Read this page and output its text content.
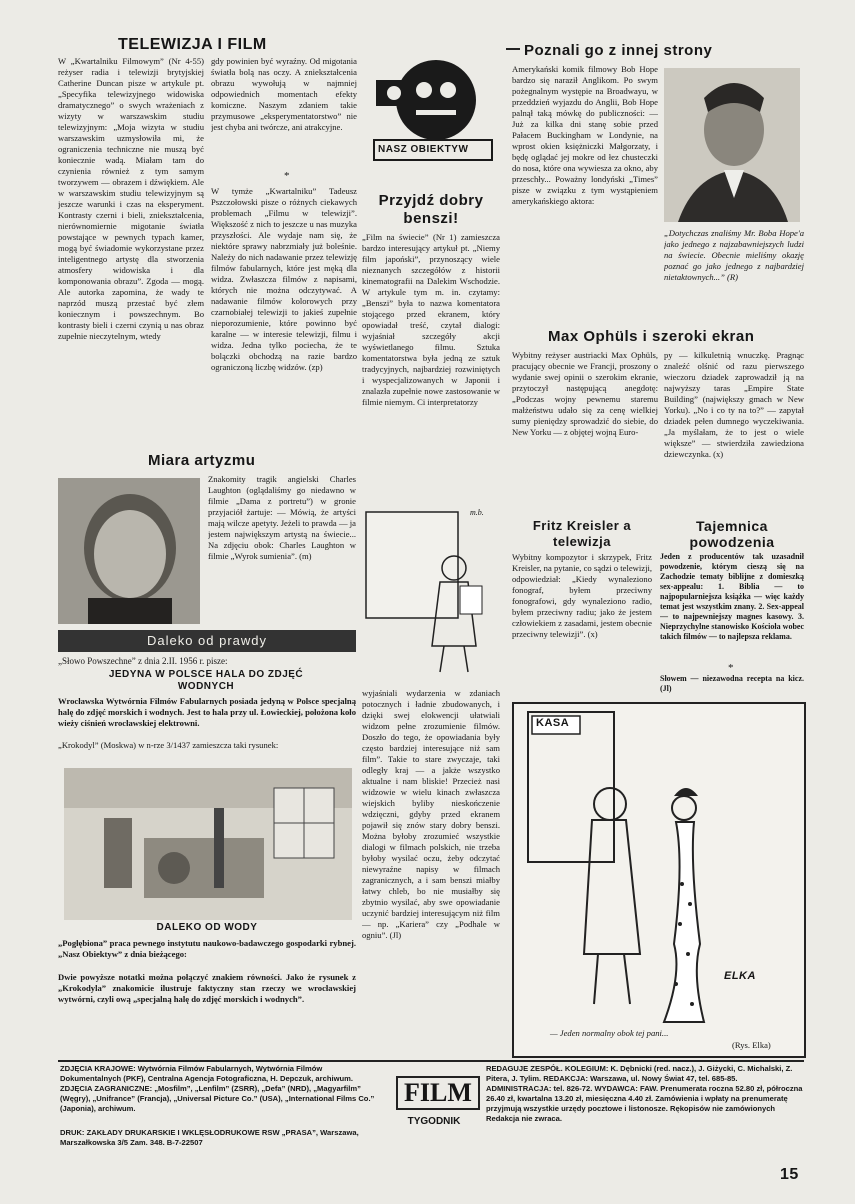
TELEWIZJA I FILM
W „Kwartalniku Filmowym” (Nr 4-55) reżyser radia i telewizji brytyjskiej Catherine Duncan pisze w artykule pt. „Specyfika telewizyjnego widowiska dramatycznego” o swych wrażeniach z wizyty w warszawskim studiu telewizyjnym: „Moja wizyta w studiu warszawskim uzmysłowiła mi, że ograniczenia techniczne nie muszą być koniecznie wadą. Miałam tam do czynienia również z tym samym tworzywem — obrazem i dźwiękiem. Ale w warszawskim studiu telewizyjnym są jeszcze warunki i czas na eksperyment. Kontrasty czerni i bieli, zniekształcenia, nierównomiernie migotanie światła powstające w pewnych typach kamer, mogą być świadomie wykorzystane przez inteligentnego artystę dla stworzenia atmosfery widowiska i dla komponowania obrazu”. Zgoda — mogą. Ale autorka zapomina, że wady te naprzód muszą przestać być złem koniecznym i powszechnym. Bo kontrasty bieli i czerni czynią u nas obraz zupełnie nieczytelnym, wtedy
gdy powinien być wyraźny. Od migotania światła bolą nas oczy. A zniekształcenia obrazu wywołują w najmniej odpowiednich momentach efekty komiczne. Naszym zdaniem takie przymusowe „eksperymentatorstwo” nie jest chyba ani twórcze, ani atrakcyjne.
*
W tymże „Kwartalniku” Tadeusz Pszczołowski pisze o różnych ciekawych problemach „Filmu w telewizji”. Większość z nich to jeszcze u nas muzyka przyszłości. Ale wydaje nam się, że niektóre sprawy nabrzmiały już boleśnie. Należy do nich nadawanie przez telewizję filmów fabularnych, które jest męką dla widza. Zwłaszcza filmów z napisami, których nie można odczytywać. A nadawanie filmów kolorowych przy czarnobiałej telewizji to jakieś zupełnie nieporozumienie, które powinno być karalne — w interesie telewizji, filmu i widza. Jedna tylko pociecha, że te bolączki obchodzą na razie bardzo ograniczoną liczbę widzów. (zp)
NASZ OBIEKTYW
Przyjdź dobry benszi!
„Film na świecie” (Nr 1) zamieszcza bardzo interesujący artykuł pt. „Niemy film japoński”, przynoszący wiele nieznanych szczegółów z historii kinematografii na Dalekim Wschodzie. W artykule tym m. in. czytamy: „Benszi” była to nazwa komentatora stojącego przed ekranem, który opowiadał treść, czytał dialogi: wyjaśniał szczegóły akcji wyświetlanego filmu. Sztuka komentatorstwa była jedną ze sztuk tradycyjnych, najbardziej rozwiniętych i wyspecjalizowanych w Japonii i znalazła zupełnie nowe zastosowanie w filmie niemym. Ci interpretatorzy
m.b.
wyjaśniali wydarzenia w zdaniach potocznych i ładnie zbudowanych, i dzięki swej elokwencji ułatwiali widzom pełne zrozumienie filmów. Doszło do tego, że opowiadania były często bardziej interesujące niż sam film”. Takie to stare zwyczaje, taki odległy kraj — a jakże wszystko aktualne i nam bliskie! Przecież nasi widzowie w wielu kinach zwłaszcza wiejskich byliby nieskończenie wdzięczni, gdyby przed ekranem pojawił się znów stary dobry benszi. Można byłoby zrozumieć wszystkie dialogi w filmach polskich, nie trzeba byłoby wysilać oczu, żeby odczytać niewyraźne napisy w filmach zagranicznych, a i sam benszi miałby łatwy chleb, bo nie musiałby się zbytnio wysilać, aby swe opowiadanie uczynić bardziej interesującym niż film — np. „Kariera” czy „Podhale w ogniu”. (Jl)
Poznali go z innej strony
Amerykański komik filmowy Bob Hope bardzo się naraził Anglikom. Po swym pożegnalnym występie na Broadwayu, w przeddzień wyjazdu do Anglii, Bob Hope palnął taką mówkę do publiczności: — Już za kilka dni stanę sobie przed Pałacem Buckingham w Londynie, na wprost okien księżniczki Małgorzaty, i będę oglądać jej mokre od łez chusteczki do nosa, które ona wywiesza za okno, aby przeschły... Poważny londyński „Times” pisze w związku z tym wystąpieniem amerykańskiego aktora:
„Dotychczas znaliśmy Mr. Boba Hope'a jako jednego z najzabawniejszych ludzi na świecie. Obecnie mieliśmy okazję poznać go jako jednego z najbardziej nietaktownych...” (R)
Max Ophüls i szeroki ekran
Wybitny reżyser austriacki Max Ophüls, pracujący obecnie we Francji, proszony o wydanie swej opinii o szerokim ekranie, przytoczył następującą anegdotę: „Podczas wojny pewnemu staremu małżeństwu udało się za cenę wielkiej sumy pieniędzy sprowadzić do siebie, do New Yorku — z objętej wojną Euro-
py — kilkuletnią wnuczkę. Pragnąc znaleźć olśnić od razu pierwszego wieczoru dziadek zaprowadził ją na najwyższy taras „Empire State Building” (największy gmach w New Yorku). „No i co ty na to?” — zapytał dziadek pełen dumnego wyczekiwania. „Ja myślałam, że to jest o wiele większe” — stwierdziła zawiedziona dziewczynka. (x)
Miara artyzmu
Znakomity tragik angielski Charles Laughton (oglądaliśmy go niedawno w filmie „Dama z portretu”) w gronie przyjaciół żartuje: — Mówią, że artyści mają wilcze apetyty. Jeżeli to prawda — ja jestem największym artystą na świecie... Na zdjęciu obok: Charles Laughton w filmie „Wyrok sumienia”. (m)
Daleko od prawdy
„Słowo Powszechne” z dnia 2.II. 1956 r. pisze:
JEDYNA W POLSCE HALA DO ZDJĘĆ WODNYCH
Wrocławska Wytwórnia Filmów Fabularnych posiada jedyną w Polsce specjalną halę do zdjęć morskich i wodnych. Jest to hala przy ul. Łowieckiej, położona koło wieży ciśnień wrocławskiej elektrowni.
„Krokodyl” (Moskwa) w n-rze 3/1437 zamieszcza taki rysunek:
DALEKO OD WODY
„Pogłębiona” praca pewnego instytutu naukowo-badawczego gospodarki rybnej. „Nasz Obiektyw” z dnia bieżącego:
Dwie powyższe notatki można połączyć znakiem równości. Jako że rysunek z „Krokodyla” znakomicie ilustruje faktyczny stan rzeczy we wrocławskiej wytwórni, czyli ową „specjalną halę do zdjęć morskich i wodnych”.
Fritz Kreisler a telewizja
Wybitny kompozytor i skrzypek, Fritz Kreisler, na pytanie, co sądzi o telewizji, odpowiedział: „Kiedy wynaleziono fonograf, byłem przeciwny fonografowi, gdy wynaleziono radio, byłem przeciwny radiu; jako że jestem człowiekiem z zasadami, jestem obecnie przeciwny telewizji”. (x)
Tajemnica powodzenia
Jeden z producentów tak uzasadnił powodzenie, którym cieszą się na Zachodzie tematy biblijne z domieszką sex-appealu: 1. Biblia — to najpopularniejsza książka — więc każdy temat jest wszystkim znany. 2. Sex-appeal — to najpewniejszy magnes kasowy. 3. Nieprzychylne stanowisko Kościoła wobec takich filmów — to najlepsza reklama.
*
Słowem — niezawodna recepta na kicz. (Jl)
KASA
ELKA
— Jeden normalny obok tej pani...
(Rys. Elka)
ZDJĘCIA KRAJOWE: Wytwórnia Filmów Fabularnych, Wytwórnia Filmów Dokumentalnych (PKF), Centralna Agencja Fotograficzna, H. Depczuk, archiwum. ZDJĘCIA ZAGRANICZNE: „Mosfilm”, „Lenfilm” (ZSRR), „Defa” (NRD), „Magyarfilm” (Węgry), „Unifrance” (Francja), „Universal Picture Co.” (USA), „International Films Co.” (Japonia), archiwum.
DRUK: ZAKŁADY DRUKARSKIE I WKLĘSŁODRUKOWE RSW „PRASA”, Warszawa, Marszałkowska 3/5 Zam. 348. B-7-22507
FILM
TYGODNIK
REDAGUJE ZESPÓŁ. KOLEGIUM: K. Dębnicki (red. nacz.), J. Giżycki, C. Michalski, Z. Pitera, J. Tylim. REDAKCJA: Warszawa, ul. Nowy Świat 47, tel. 685-85. ADMINISTRACJA: tel. 826-72. WYDAWCA: FAW. Prenumerata roczna 52.80 zł, półroczna 26.40 zł, kwartalna 13.20 zł, miesięczna 4.40 zł. Zamówienia i wpłaty na prenumeratę przyjmują wszystkie urzędy pocztowe i listonosze. Rękopisów nie zamówionych Redakcja nie zwraca.
15
